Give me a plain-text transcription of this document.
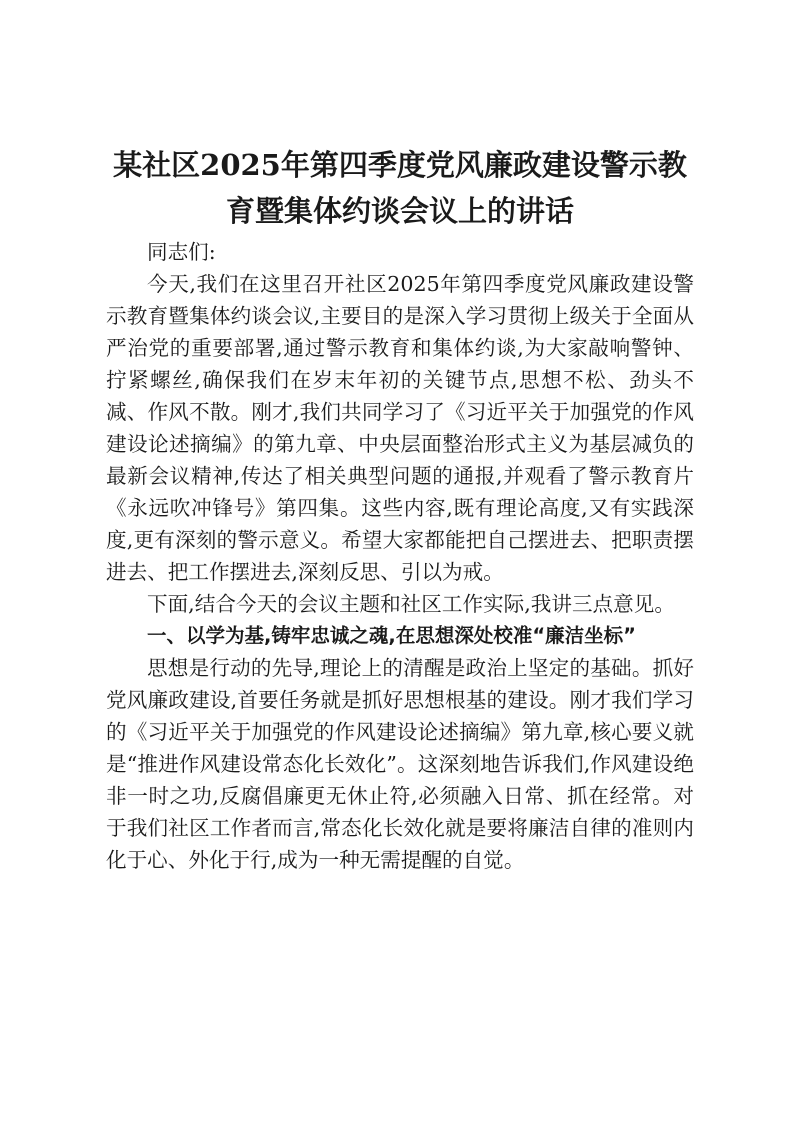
某社区2025年第四季度党风廉政建设警示教育暨集体约谈会议上的讲话

同志们:

今天,我们在这里召开社区2025年第四季度党风廉政建设警示教育暨集体约谈会议,主要目的是深入学习贯彻上级关于全面从严治党的重要部署,通过警示教育和集体约谈,为大家敲响警钟、拧紧螺丝,确保我们在岁末年初的关键节点,思想不松、劲头不减、作风不散。刚才,我们共同学习了《习近平关于加强党的作风建设论述摘编》的第九章、中央层面整治形式主义为基层减负的最新会议精神,传达了相关典型问题的通报,并观看了警示教育片《永远吹冲锋号》第四集。这些内容,既有理论高度,又有实践深度,更有深刻的警示意义。希望大家都能把自己摆进去、把职责摆进去、把工作摆进去,深刻反思、引以为戒。

下面,结合今天的会议主题和社区工作实际,我讲三点意见。

一、以学为基,铸牢忠诚之魂,在思想深处校准“廉洁坐标”

思想是行动的先导,理论上的清醒是政治上坚定的基础。抓好党风廉政建设,首要任务就是抓好思想根基的建设。刚才我们学习的《习近平关于加强党的作风建设论述摘编》第九章,核心要义就是“推进作风建设常态化长效化”。这深刻地告诉我们,作风建设绝非一时之功,反腐倡廉更无休止符,必须融入日常、抓在经常。对于我们社区工作者而言,常态化长效化就是要将廉洁自律的准则内化于心、外化于行,成为一种无需提醒的自觉。
